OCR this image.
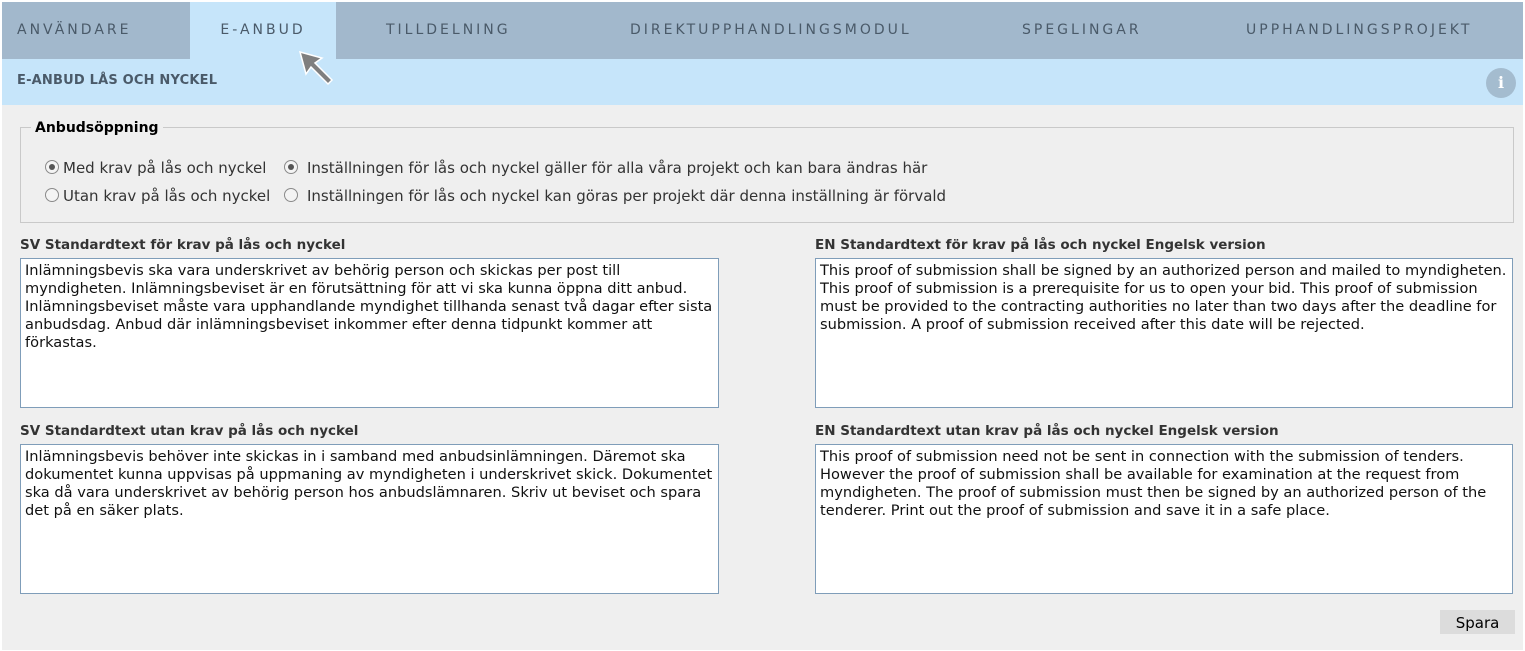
ANVÄNDARE	E-ANBUD	TILLDELNING	DIREKTUPPHANDLINGSMODUL	SPEGLINGAR	UPPHANDLINGSPROJEKT
E-ANBUD LÅS OCH NYCKEL	i
Anbudsöppning
Med krav på lås och nyckel
Utan krav på lås och nyckel
Inställningen för lås och nyckel gäller för alla våra projekt och kan bara ändras här
Inställningen för lås och nyckel kan göras per projekt där denna inställning är förvald
SV Standardtext för krav på lås och nyckel
Inlämningsbevis ska vara underskrivet av behörig person och skickas per post till myndigheten. Inlämningsbeviset är en förutsättning för att vi ska kunna öppna ditt anbud. Inlämningsbeviset måste vara upphandlande myndighet tillhanda senast två dagar efter sista anbudsdag. Anbud där inlämningsbeviset inkommer efter denna tidpunkt kommer att förkastas.
EN Standardtext för krav på lås och nyckel Engelsk version
This proof of submission shall be signed by an authorized person and mailed to myndigheten. This proof of submission is a prerequisite for us to open your bid. This proof of submission must be provided to the contracting authorities no later than two days after the deadline for submission. A proof of submission received after this date will be rejected.
SV Standardtext utan krav på lås och nyckel
Inlämningsbevis behöver inte skickas in i samband med anbudsinlämningen. Däremot ska dokumentet kunna uppvisas på uppmaning av myndigheten i underskrivet skick. Dokumentet ska då vara underskrivet av behörig person hos anbudslämnaren. Skriv ut beviset och spara det på en säker plats.
EN Standardtext utan krav på lås och nyckel Engelsk version
This proof of submission need not be sent in connection with the submission of tenders. However the proof of submission shall be available for examination at the request from myndigheten. The proof of submission must then be signed by an authorized person of the tenderer. Print out the proof of submission and save it in a safe place.
Spara
